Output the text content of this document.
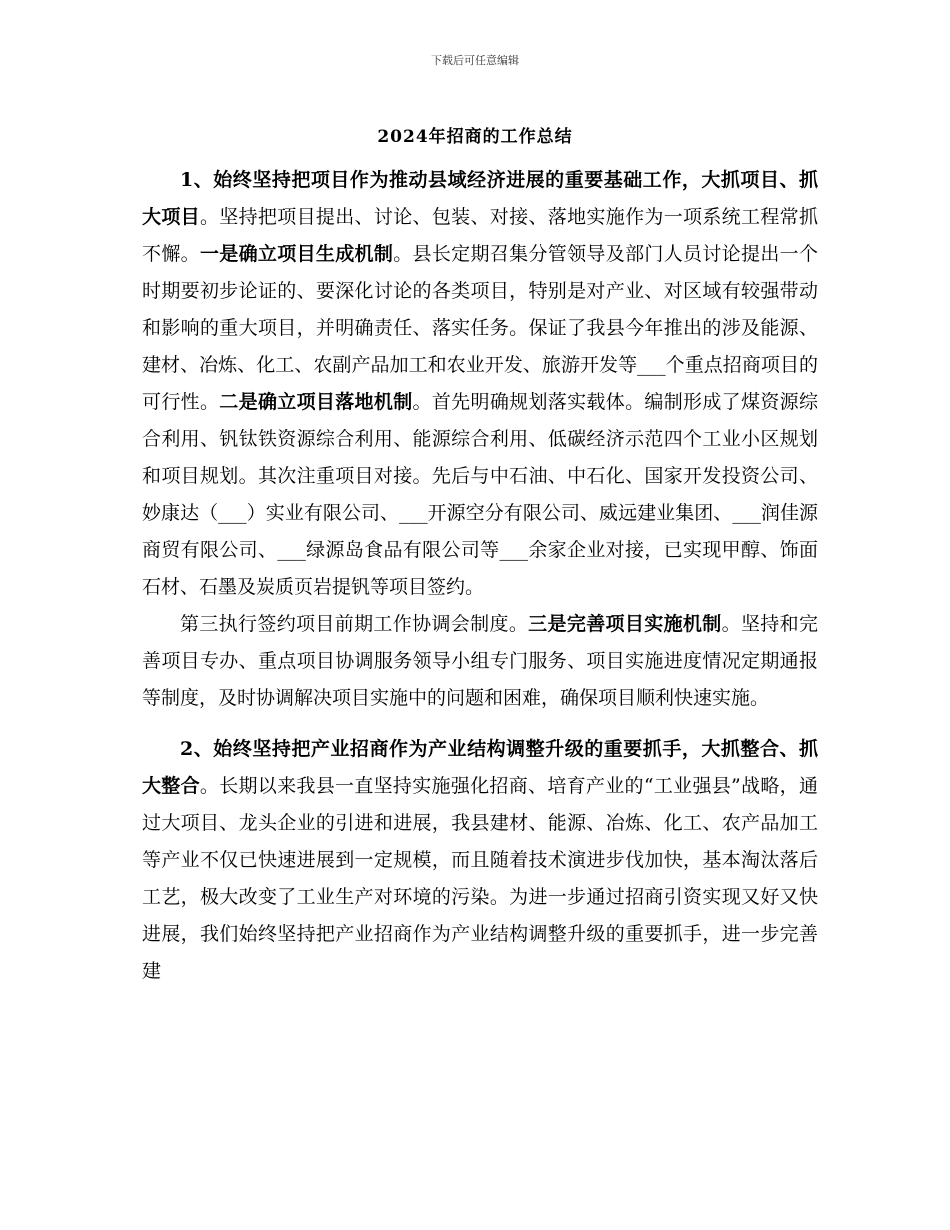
下载后可任意编辑
2024年招商的工作总结

1、始终坚持把项目作为推动县域经济进展的重要基础工作，大抓项目、抓大项目。坚持把项目提出、讨论、包装、对接、落地实施作为一项系统工程常抓不懈。一是确立项目生成机制。县长定期召集分管领导及部门人员讨论提出一个时期要初步论证的、要深化讨论的各类项目，特别是对产业、对区域有较强带动和影响的重大项目，并明确责任、落实任务。保证了我县今年推出的涉及能源、建材、冶炼、化工、农副产品加工和农业开发、旅游开发等___个重点招商项目的可行性。二是确立项目落地机制。首先明确规划落实载体。编制形成了煤资源综合利用、钒钛铁资源综合利用、能源综合利用、低碳经济示范四个工业小区规划和项目规划。其次注重项目对接。先后与中石油、中石化、国家开发投资公司、妙康达（___）实业有限公司、___开源空分有限公司、威远建业集团、___润佳源商贸有限公司、___绿源岛食品有限公司等___余家企业对接，已实现甲醇、饰面石材、石墨及炭质页岩提钒等项目签约。

第三执行签约项目前期工作协调会制度。三是完善项目实施机制。坚持和完善项目专办、重点项目协调服务领导小组专门服务、项目实施进度情况定期通报等制度，及时协调解决项目实施中的问题和困难，确保项目顺利快速实施。

2、始终坚持把产业招商作为产业结构调整升级的重要抓手，大抓整合、抓大整合。长期以来我县一直坚持实施强化招商、培育产业的“工业强县”战略，通过大项目、龙头企业的引进和进展，我县建材、能源、冶炼、化工、农产品加工等产业不仅已快速进展到一定规模，而且随着技术演进步伐加快，基本淘汰落后工艺，极大改变了工业生产对环境的污染。为进一步通过招商引资实现又好又快进展，我们始终坚持把产业招商作为产业结构调整升级的重要抓手，进一步完善建
